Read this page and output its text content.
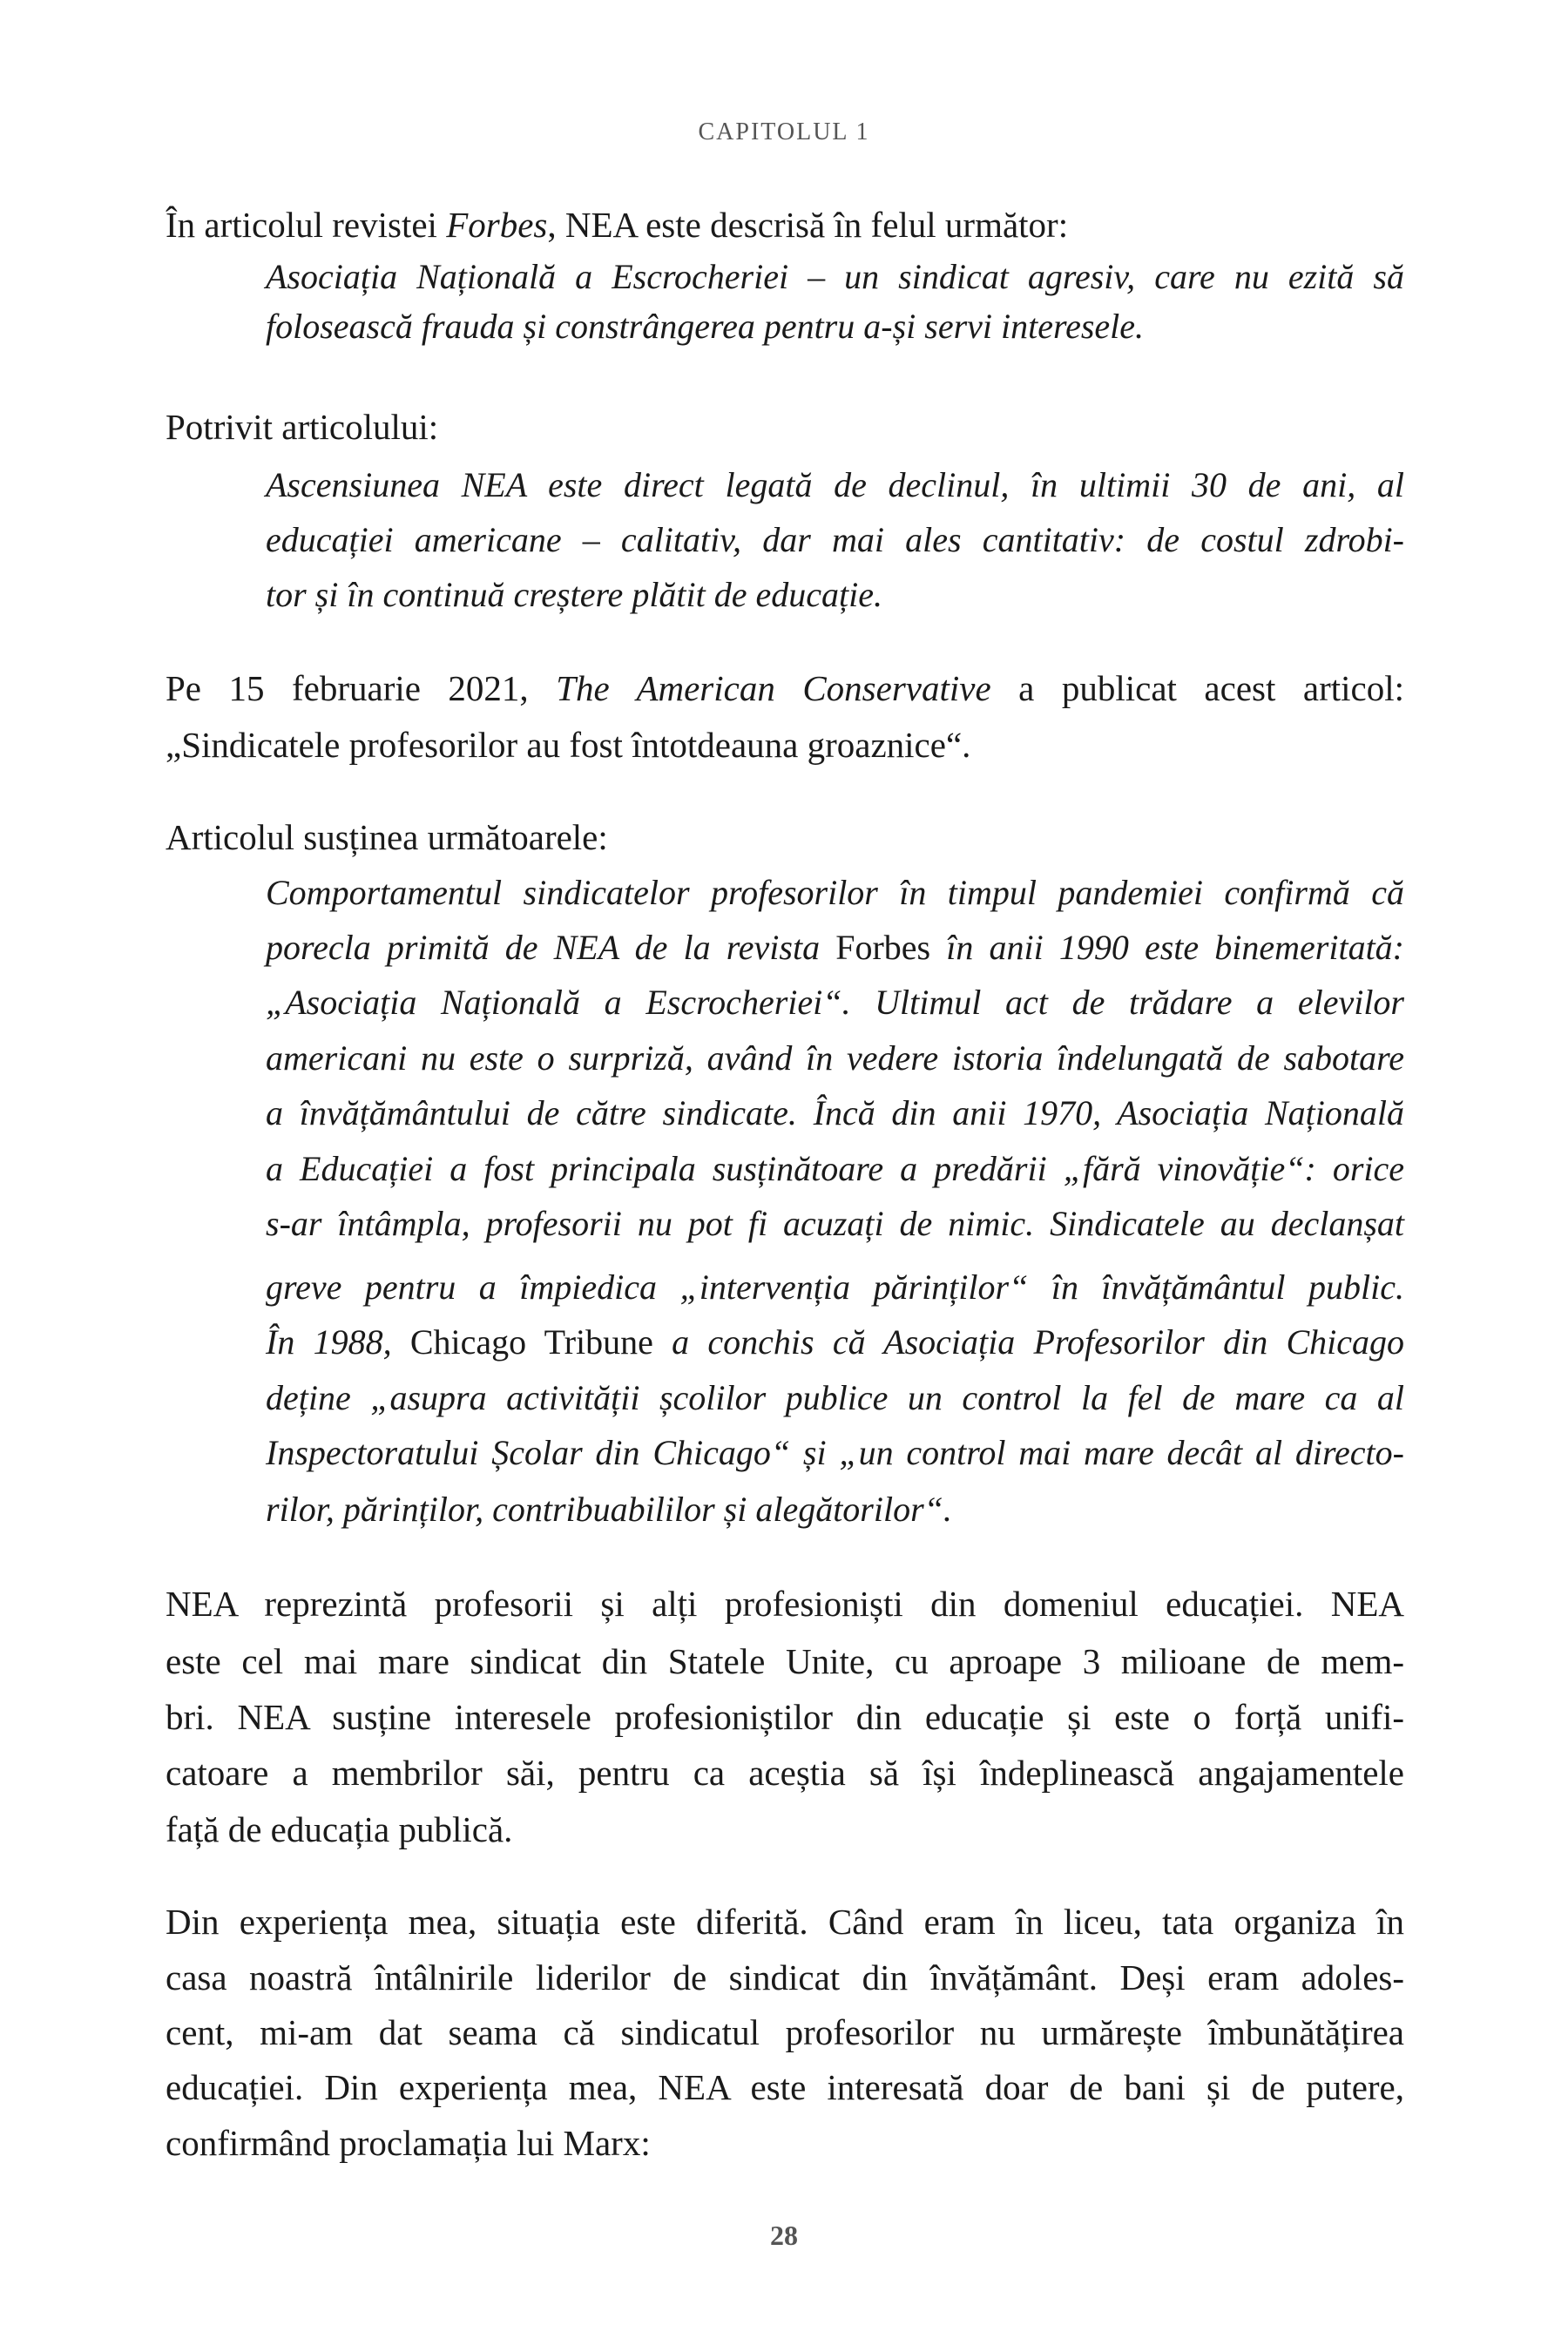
CAPITOLUL 1
În articolul revistei Forbes, NEA este descrisă în felul următor:
Asociația Națională a Escrocheriei – un sindicat agresiv, care nu ezită să
folosească frauda și constrângerea pentru a-și servi interesele.
Potrivit articolului:
Ascensiunea NEA este direct legată de declinul, în ultimii 30 de ani, al
educației americane – calitativ, dar mai ales cantitativ: de costul zdrobi-
tor și în continuă creștere plătit de educație.
Pe 15 februarie 2021, The American Conservative a publicat acest articol:
„Sindicatele profesorilor au fost întotdeauna groaznice“.
Articolul susținea următoarele:
Comportamentul sindicatelor profesorilor în timpul pandemiei confirmă că
porecla primită de NEA de la revista Forbes în anii 1990 este binemeritată:
„Asociația Națională a Escrocheriei“. Ultimul act de trădare a elevilor
americani nu este o surpriză, având în vedere istoria îndelungată de sabotare
a învățământului de către sindicate. Încă din anii 1970, Asociația Națională
a Educației a fost principala susținătoare a predării „fără vinovăție“: orice
s-ar întâmpla, profesorii nu pot fi acuzați de nimic. Sindicatele au declanșat
greve pentru a împiedica „intervenția părinților“ în învățământul public.
În 1988, Chicago Tribune a conchis că Asociația Profesorilor din Chicago
deține „asupra activității școlilor publice un control la fel de mare ca al
Inspectoratului Școlar din Chicago“ și „un control mai mare decât al directo-
rilor, părinților, contribuabililor și alegătorilor“.
NEA reprezintă profesorii și alți profesioniști din domeniul educației. NEA
este cel mai mare sindicat din Statele Unite, cu aproape 3 milioane de mem-
bri. NEA susține interesele profesioniștilor din educație și este o forță unifi-
catoare a membrilor săi, pentru ca aceștia să își îndeplinească angajamentele
față de educația publică.
Din experiența mea, situația este diferită. Când eram în liceu, tata organiza în
casa noastră întâlnirile liderilor de sindicat din învățământ. Deși eram adoles-
cent, mi-am dat seama că sindicatul profesorilor nu urmărește îmbunătățirea
educației. Din experiența mea, NEA este interesată doar de bani și de putere,
confirmând proclamația lui Marx:
28
